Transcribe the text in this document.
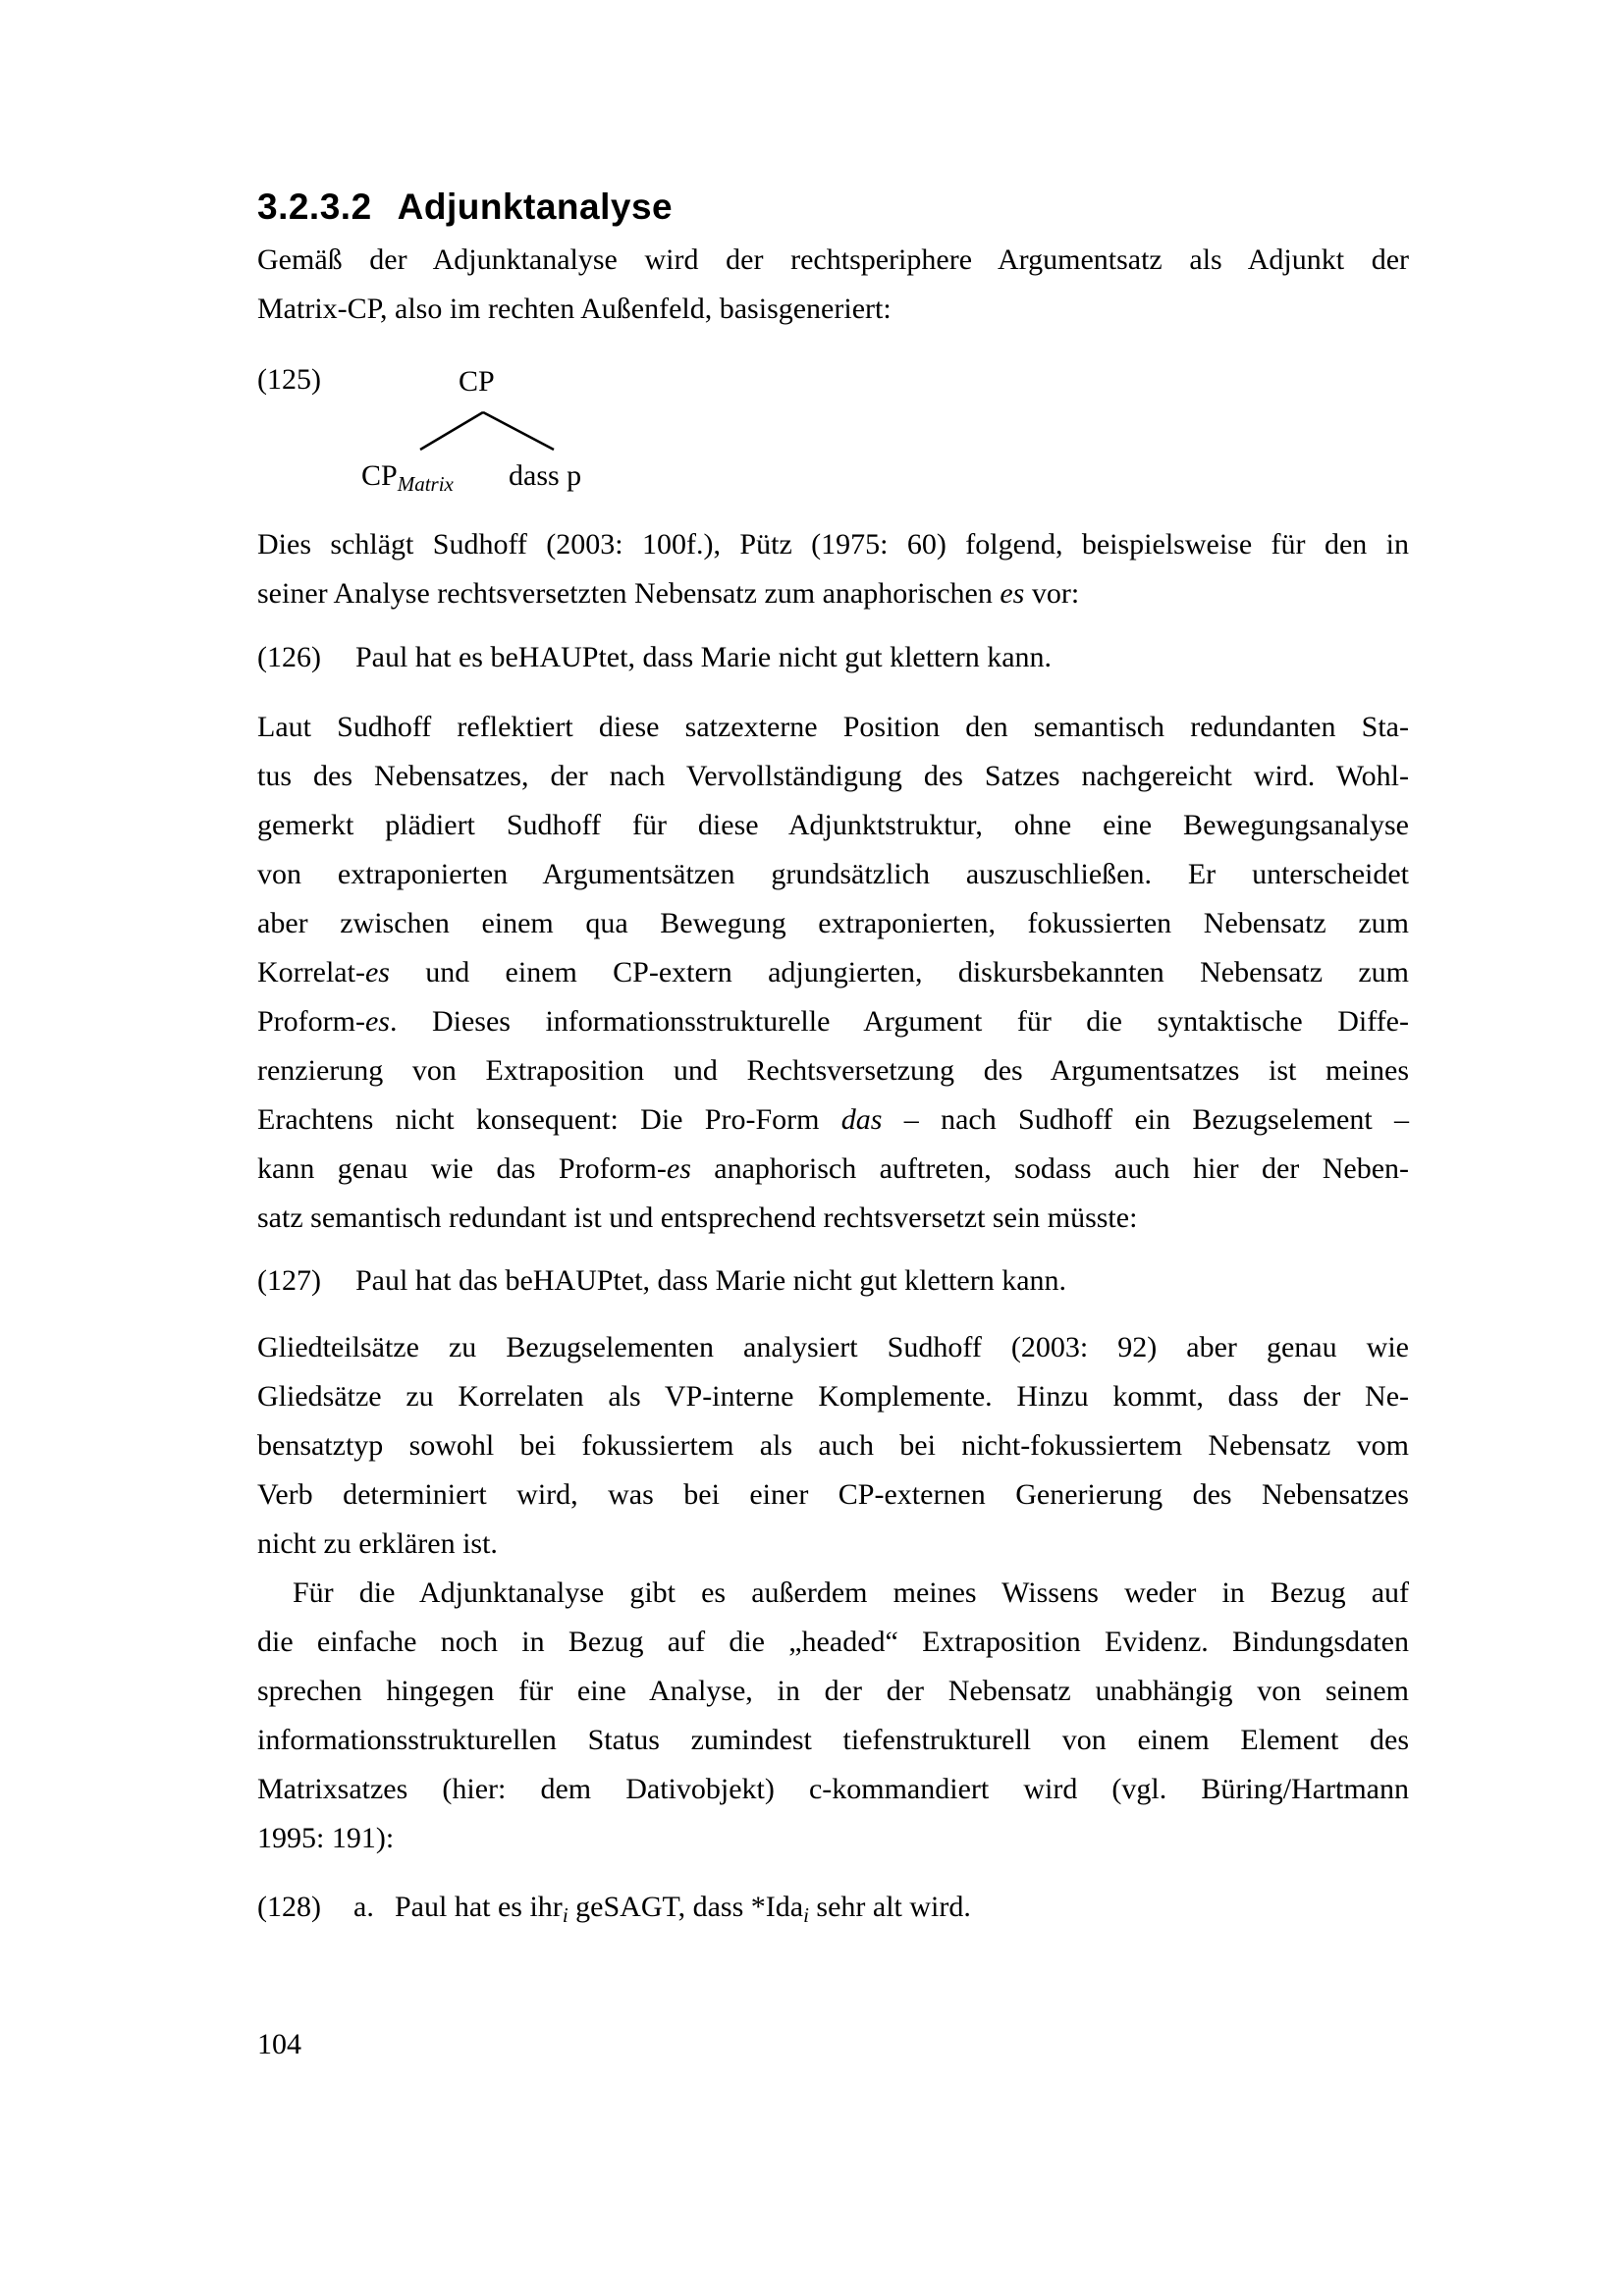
3.2.3.2 Adjunktanalyse
Gemäß der Adjunktanalyse wird der rechtsperiphere Argumentsatz als Adjunkt der
Matrix-CP, also im rechten Außenfeld, basisgeneriert:
(125)	CP
$CP_{Matrix}$ dass p
Dies schlägt Sudhoff (2003: 100f.), Pütz (1975: 60) folgend, beispielsweise für den in
seiner Analyse rechtsversetzten Nebensatz zum anaphorischen es vor:
(126)	Paul hat es beHAUPtet, dass Marie nicht gut klettern kann.
Laut Sudhoff reflektiert diese satzexterne Position den semantisch redundanten Sta-
tus des Nebensatzes, der nach Vervollständigung des Satzes nachgereicht wird. Wohl-
gemerkt plädiert Sudhoff für diese Adjunktstruktur, ohne eine Bewegungsanalyse
von extraponierten Argumentsätzen grundsätzlich auszuschließen. Er unterscheidet
aber zwischen einem qua Bewegung extraponierten, fokussierten Nebensatz zum
Korrelat-es und einem CP-extern adjungierten, diskursbekannten Nebensatz zum
Proform-es. Dieses informationsstrukturelle Argument für die syntaktische Diffe-
renzierung von Extraposition und Rechtsversetzung des Argumentsatzes ist meines
Erachtens nicht konsequent: Die Pro-Form das – nach Sudhoff ein Bezugselement –
kann genau wie das Proform-es anaphorisch auftreten, sodass auch hier der Neben-
satz semantisch redundant ist und entsprechend rechtsversetzt sein müsste:
(127)	Paul hat das beHAUPtet, dass Marie nicht gut klettern kann.
Gliedteilsätze zu Bezugselementen analysiert Sudhoff (2003: 92) aber genau wie
Gliedsätze zu Korrelaten als VP-interne Komplemente. Hinzu kommt, dass der Ne-
bensatztyp sowohl bei fokussiertem als auch bei nicht-fokussiertem Nebensatz vom
Verb determiniert wird, was bei einer CP-externen Generierung des Nebensatzes
nicht zu erklären ist.
Für die Adjunktanalyse gibt es außerdem meines Wissens weder in Bezug auf
die einfache noch in Bezug auf die „headed“ Extraposition Evidenz. Bindungsdaten
sprechen hingegen für eine Analyse, in der der Nebensatz unabhängig von seinem
informationsstrukturellen Status zumindest tiefenstrukturell von einem Element des
Matrixsatzes (hier: dem Dativobjekt) c-kommandiert wird (vgl. Büring/Hartmann
1995: 191):
(128)	a. Paul hat es ihr$_i$ geSAGT, dass *Ida$_i$ sehr alt wird.
104
